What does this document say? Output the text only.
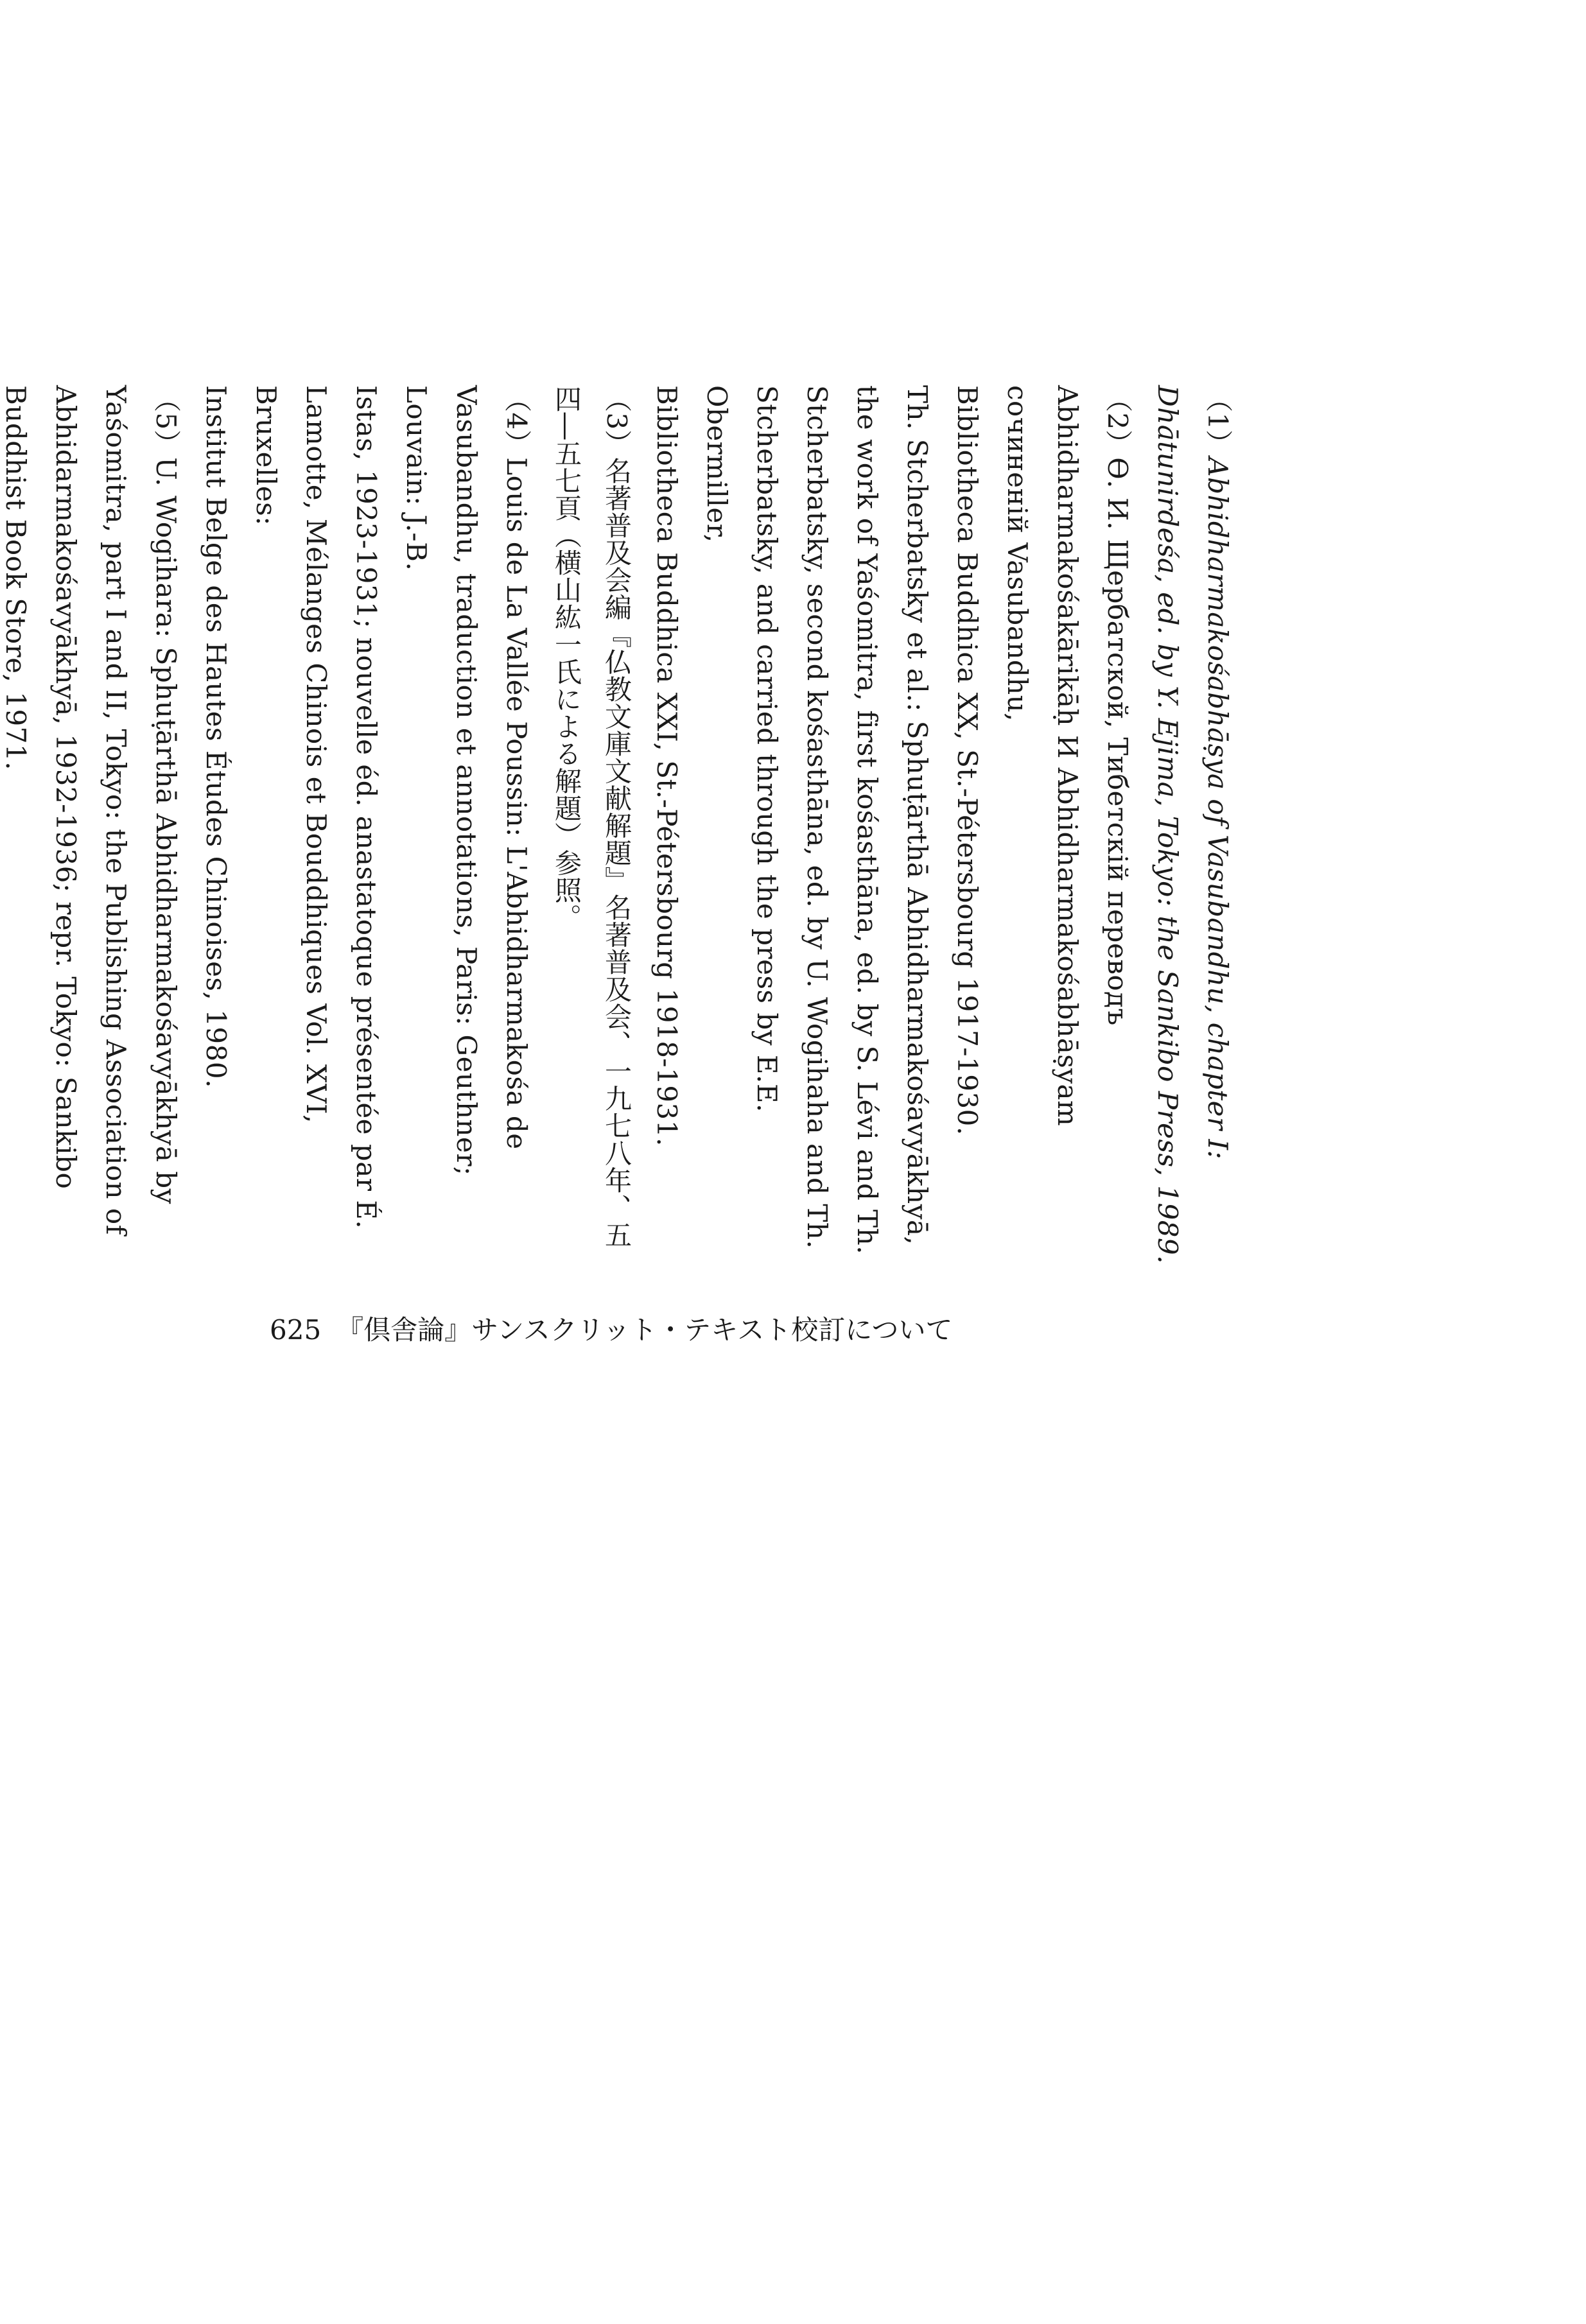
（1）Abhidharmakośabhāṣya of Vasubandhu, chapter I: Dhātunirdeśa, ed. by Y. Ejima, Tokyo: the Sankibo Press, 1989.
（2）Ѳ. И. Щербатской, Тибетскій переводъ Abhidharmakośakārikāḥ И Abhidharmakośabhāṣyam сочиненій Vasubandhu,
Bibliotheca Buddhica XX, St.-Pétersbourg 1917-1930.
Th. Stcherbatsky et al.: Sphuṭārthā Abhidharmakośavyākhyā, the work of Yaśomitra, first kośasthāna, ed. by S. Lévi and Th.
Stcherbatsky, second kośasthāna, ed. by U. Wogihaha and Th. Stcherbatsky, and carried through the press by E.E. Obermiller,
Bibliotheca Buddhica XXI, St.-Pétersbourg 1918-1931.
（3）名著普及会編『仏教文庫文献解題』名著普及会、一九七八年、五四―五七頁（横山紘一氏による解題）参照。
（4）Louis de La Vallée Poussin: L'Abhidharmakośa de Vasubandhu, traduction et annotations, Paris: Geuthner; Louvain: J.-B.
Istas, 1923-1931; nouvelle éd. anastatoque présentée par É. Lamotte, Mélanges Chinois et Bouddhiques Vol. XVI, Bruxelles:
Institut Belge des Hautes Études Chinoises, 1980.
（5）U. Wogihara: Sphuṭārthā Abhidharmakośavyākhyā by Yaśomitra, part I and II, Tokyo: the Publishing Association of
Abhidarmakośavyākhyā, 1932-1936; repr. Tokyo: Sankibo Buddhist Book Store, 1971.
625 『倶舎論』サンスクリット・テキスト校訂について
